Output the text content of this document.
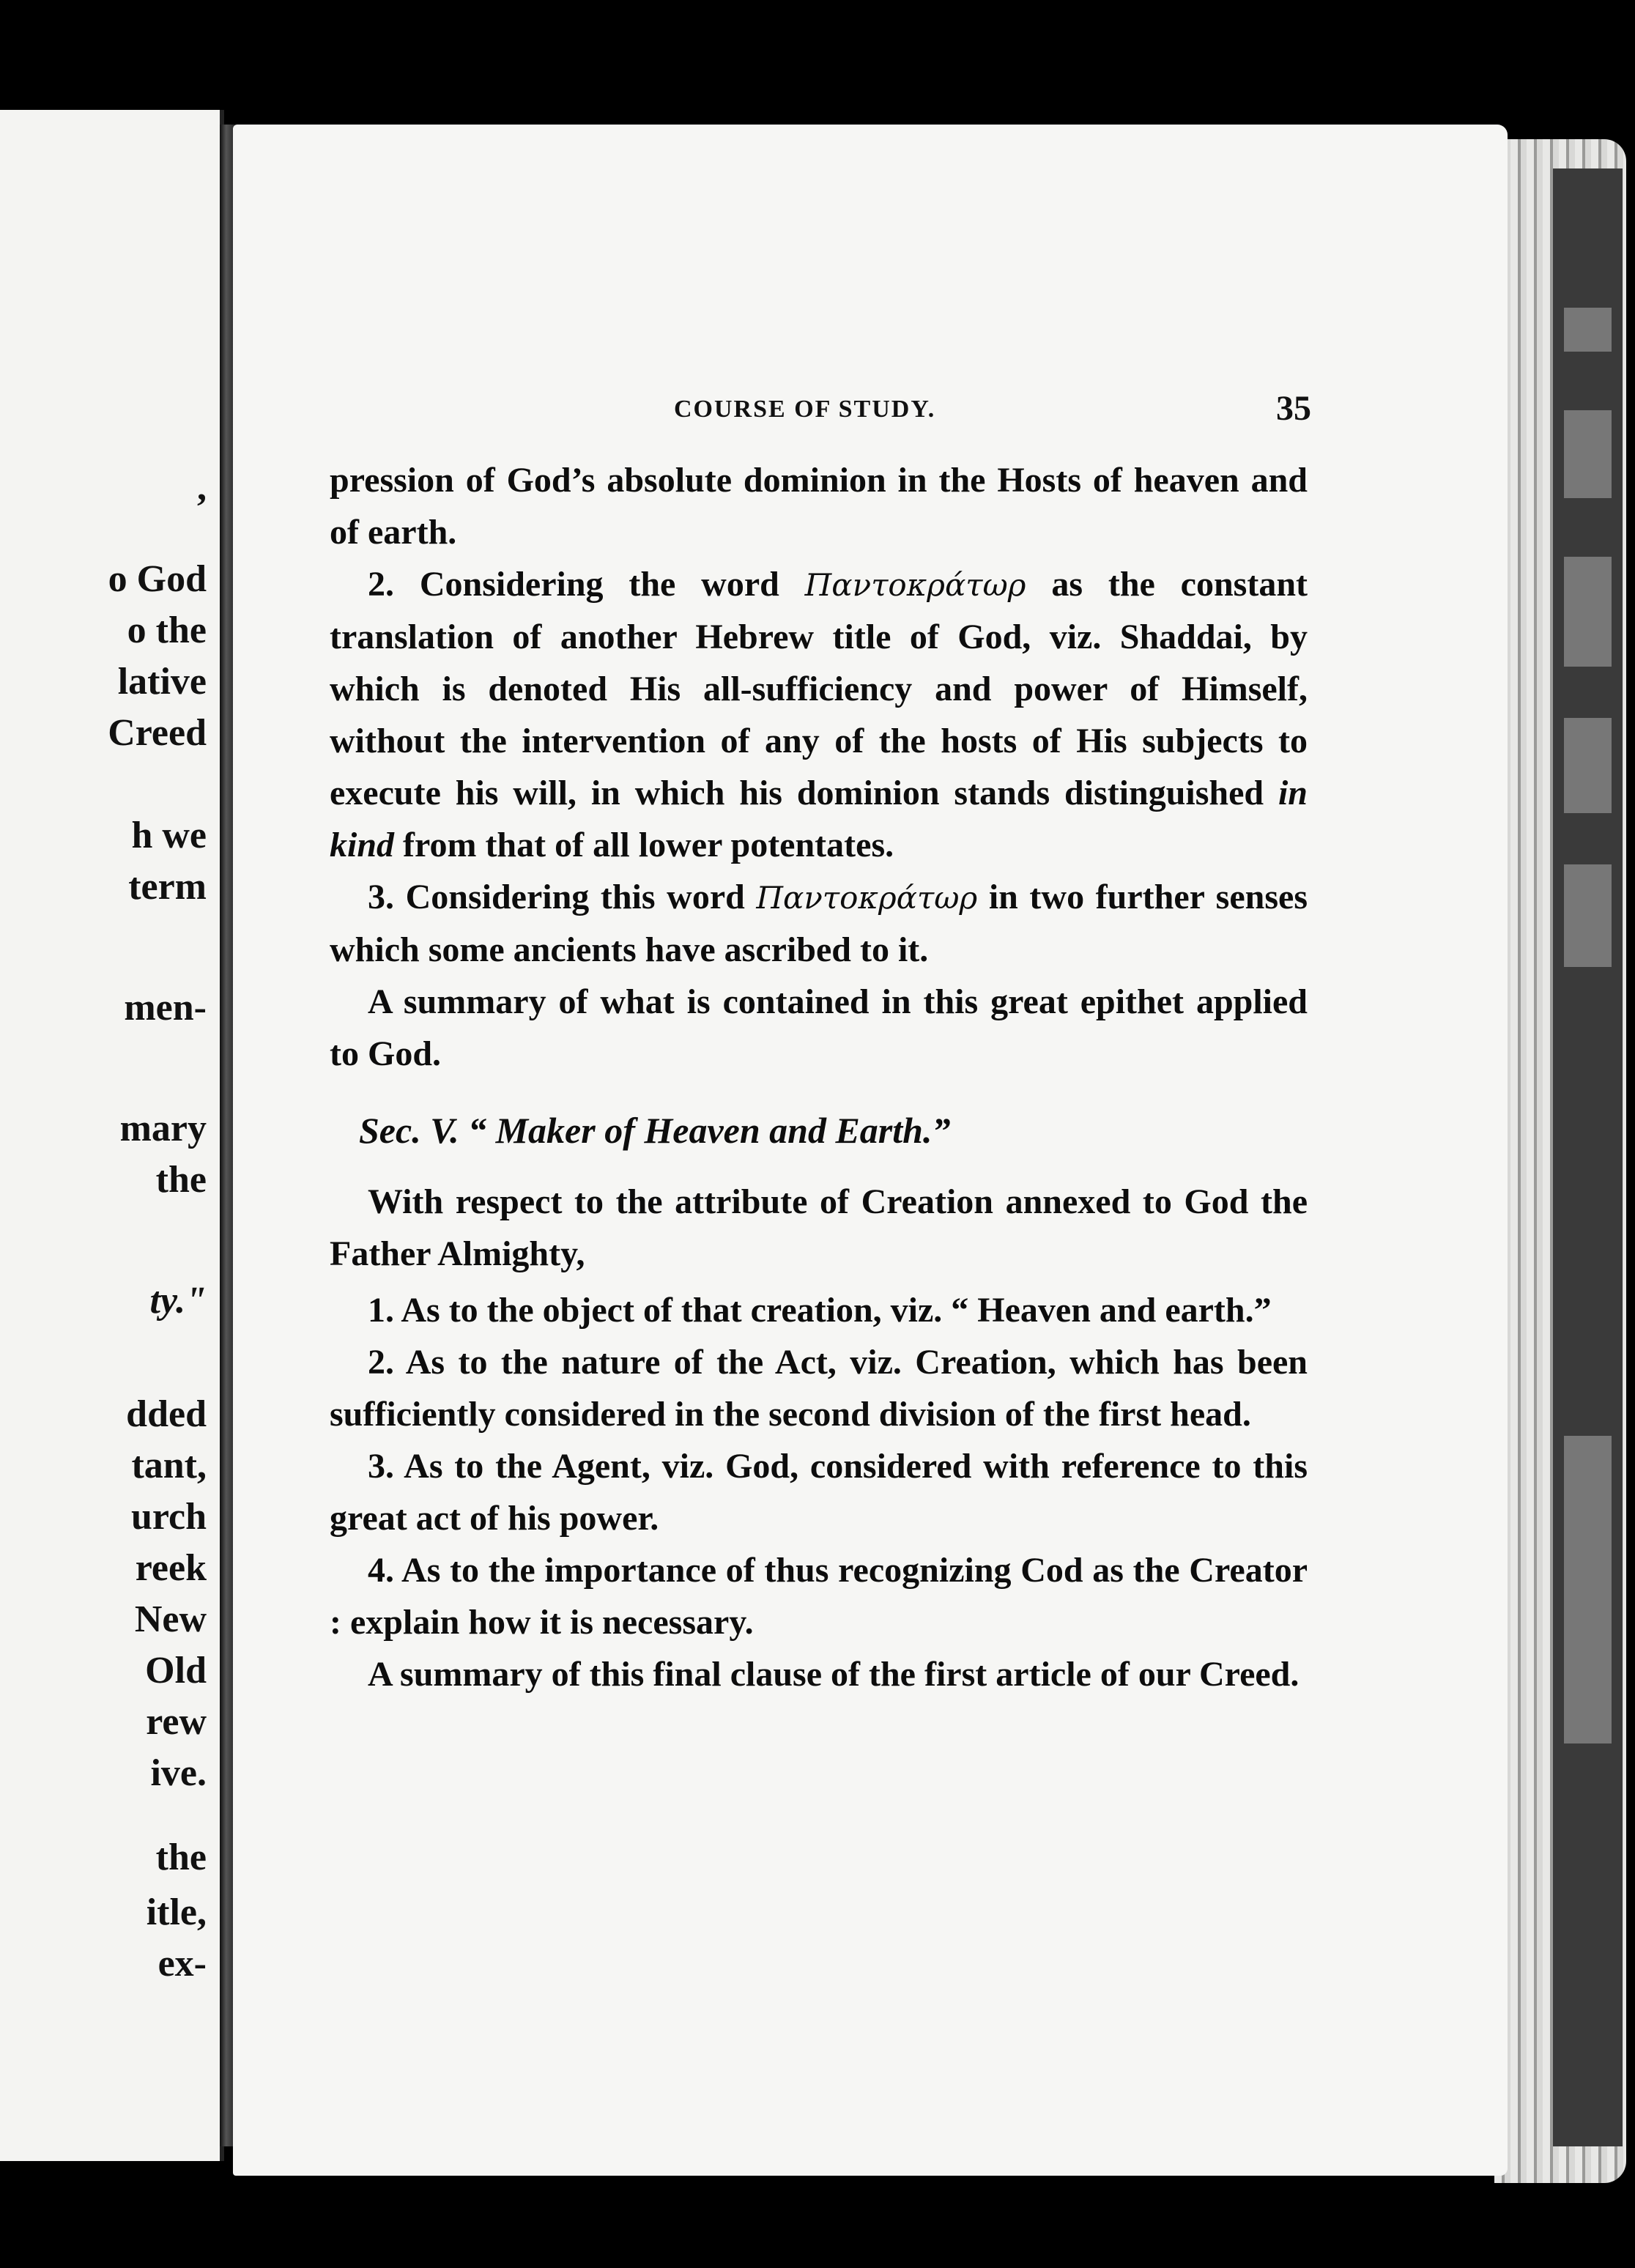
,
o God
o the
lative
Creed
h we
term
men-
mary
the
ty."
dded
tant,
urch
reek
New
Old
rew
ive.
the
itle,
ex-
COURSE OF STUDY.	35

pression of God’s absolute dominion in the Hosts of heaven and of earth.

2. Considering the word Παντοκράτωρ as the constant translation of another Hebrew title of God, viz. Shaddai, by which is denoted His all-sufficiency and power of Himself, without the intervention of any of the hosts of His subjects to execute his will, in which his dominion stands distinguished in kind from that of all lower potentates.

3. Considering this word Παντοκράτωρ in two further senses which some ancients have ascribed to it.

A summary of what is contained in this great epithet applied to God.

Sec. V. “ Maker of Heaven and Earth.”

With respect to the attribute of Creation annexed to God the Father Almighty,

1. As to the object of that creation, viz. “ Heaven and earth.”

2. As to the nature of the Act, viz. Creation, which has been sufficiently considered in the second division of the first head.

3. As to the Agent, viz. God, considered with reference to this great act of his power.

4. As to the importance of thus recognizing Cod as the Creator : explain how it is necessary.

A summary of this final clause of the first article of our Creed.
